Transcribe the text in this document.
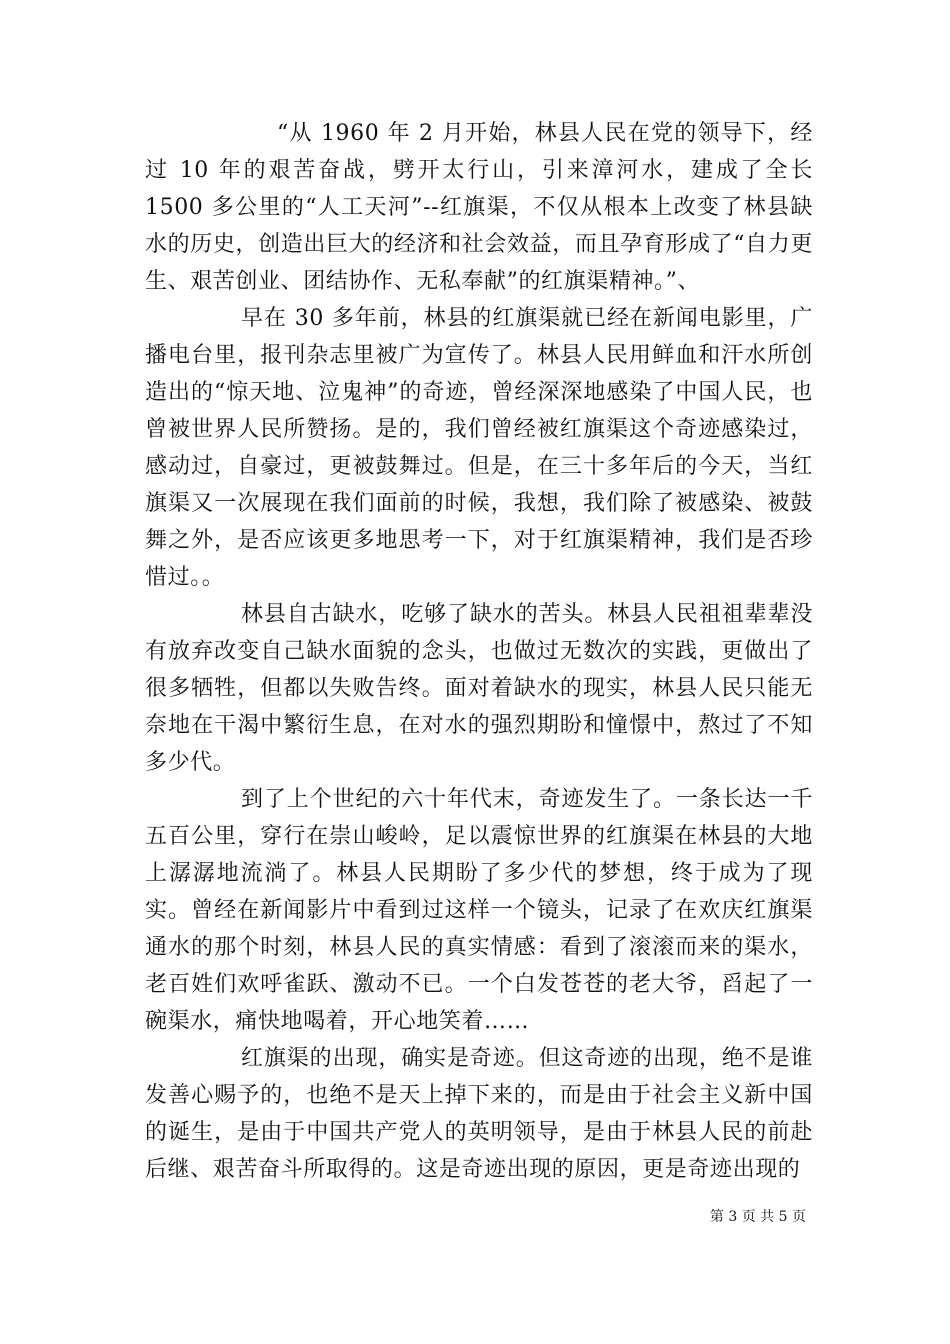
“从 1960 年 2 月开始，林县人民在党的领导下，经过 10 年的艰苦奋战，劈开太行山，引来漳河水，建成了全长 1500 多公里的“人工天河”--红旗渠，不仅从根本上改变了林县缺水的历史，创造出巨大的经济和社会效益，而且孕育形成了“自力更生、艰苦创业、团结协作、无私奉献”的红旗渠精神。”、

早在 30 多年前，林县的红旗渠就已经在新闻电影里，广播电台里，报刊杂志里被广为宣传了。林县人民用鲜血和汗水所创造出的“惊天地、泣鬼神”的奇迹，曾经深深地感染了中国人民，也曾被世界人民所赞扬。是的，我们曾经被红旗渠这个奇迹感染过，感动过，自豪过，更被鼓舞过。但是，在三十多年后的今天，当红旗渠又一次展现在我们面前的时候，我想，我们除了被感染、被鼓舞之外，是否应该更多地思考一下，对于红旗渠精神，我们是否珍惜过。。

林县自古缺水，吃够了缺水的苦头。林县人民祖祖辈辈没有放弃改变自己缺水面貌的念头，也做过无数次的实践，更做出了很多牺牲，但都以失败告终。面对着缺水的现实，林县人民只能无奈地在干渴中繁衍生息，在对水的强烈期盼和憧憬中，熬过了不知多少代。

到了上个世纪的六十年代末，奇迹发生了。一条长达一千五百公里，穿行在崇山峻岭，足以震惊世界的红旗渠在林县的大地上潺潺地流淌了。林县人民期盼了多少代的梦想，终于成为了现实。曾经在新闻影片中看到过这样一个镜头，记录了在欢庆红旗渠通水的那个时刻，林县人民的真实情感：看到了滚滚而来的渠水，老百姓们欢呼雀跃、激动不已。一个白发苍苍的老大爷，舀起了一碗渠水，痛快地喝着，开心地笑着……

红旗渠的出现，确实是奇迹。但这奇迹的出现，绝不是谁发善心赐予的，也绝不是天上掉下来的，而是由于社会主义新中国的诞生，是由于中国共产党人的英明领导，是由于林县人民的前赴后继、艰苦奋斗所取得的。这是奇迹出现的原因，更是奇迹出现的

第 3 页 共 5 页
